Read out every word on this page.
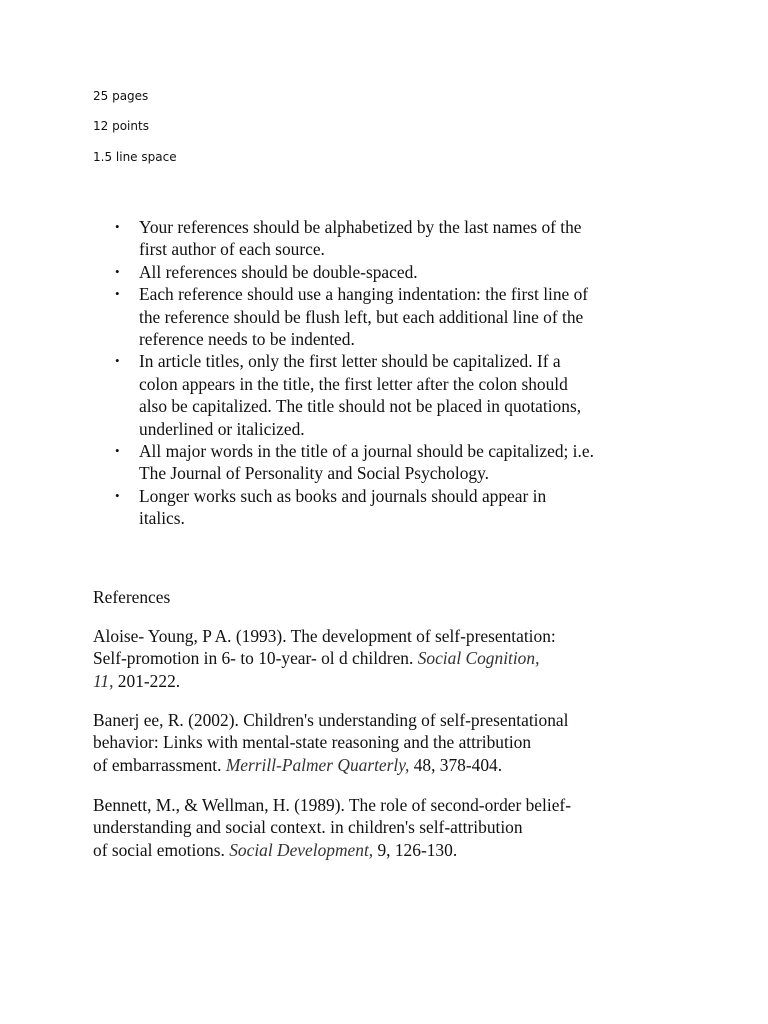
25 pages

12 points

1.5 line space

• Your references should be alphabetized by the last names of the
first author of each source.
• All references should be double-spaced.
• Each reference should use a hanging indentation: the first line of
the reference should be flush left, but each additional line of the
reference needs to be indented.
• In article titles, only the first letter should be capitalized. If a
colon appears in the title, the first letter after the colon should
also be capitalized. The title should not be placed in quotations,
underlined or italicized.
• All major words in the title of a journal should be capitalized; i.e.
The Journal of Personality and Social Psychology.
• Longer works such as books and journals should appear in
italics.
References

Aloise- Young, P A. (1993). The development of self-presentation:
Self-promotion in 6- to 10-year- ol d children. Social Cognition,
11, 201-222.

Banerj ee, R. (2002). Children's understanding of self-presentational
behavior: Links with mental-state reasoning and the attribution
of embarrassment. Merrill-Palmer Quarterly, 48, 378-404.

Bennett, M., & Wellman, H. (1989). The role of second-order belief-
understanding and social context. in children's self-attribution
of social emotions. Social Development, 9, 126-130.
